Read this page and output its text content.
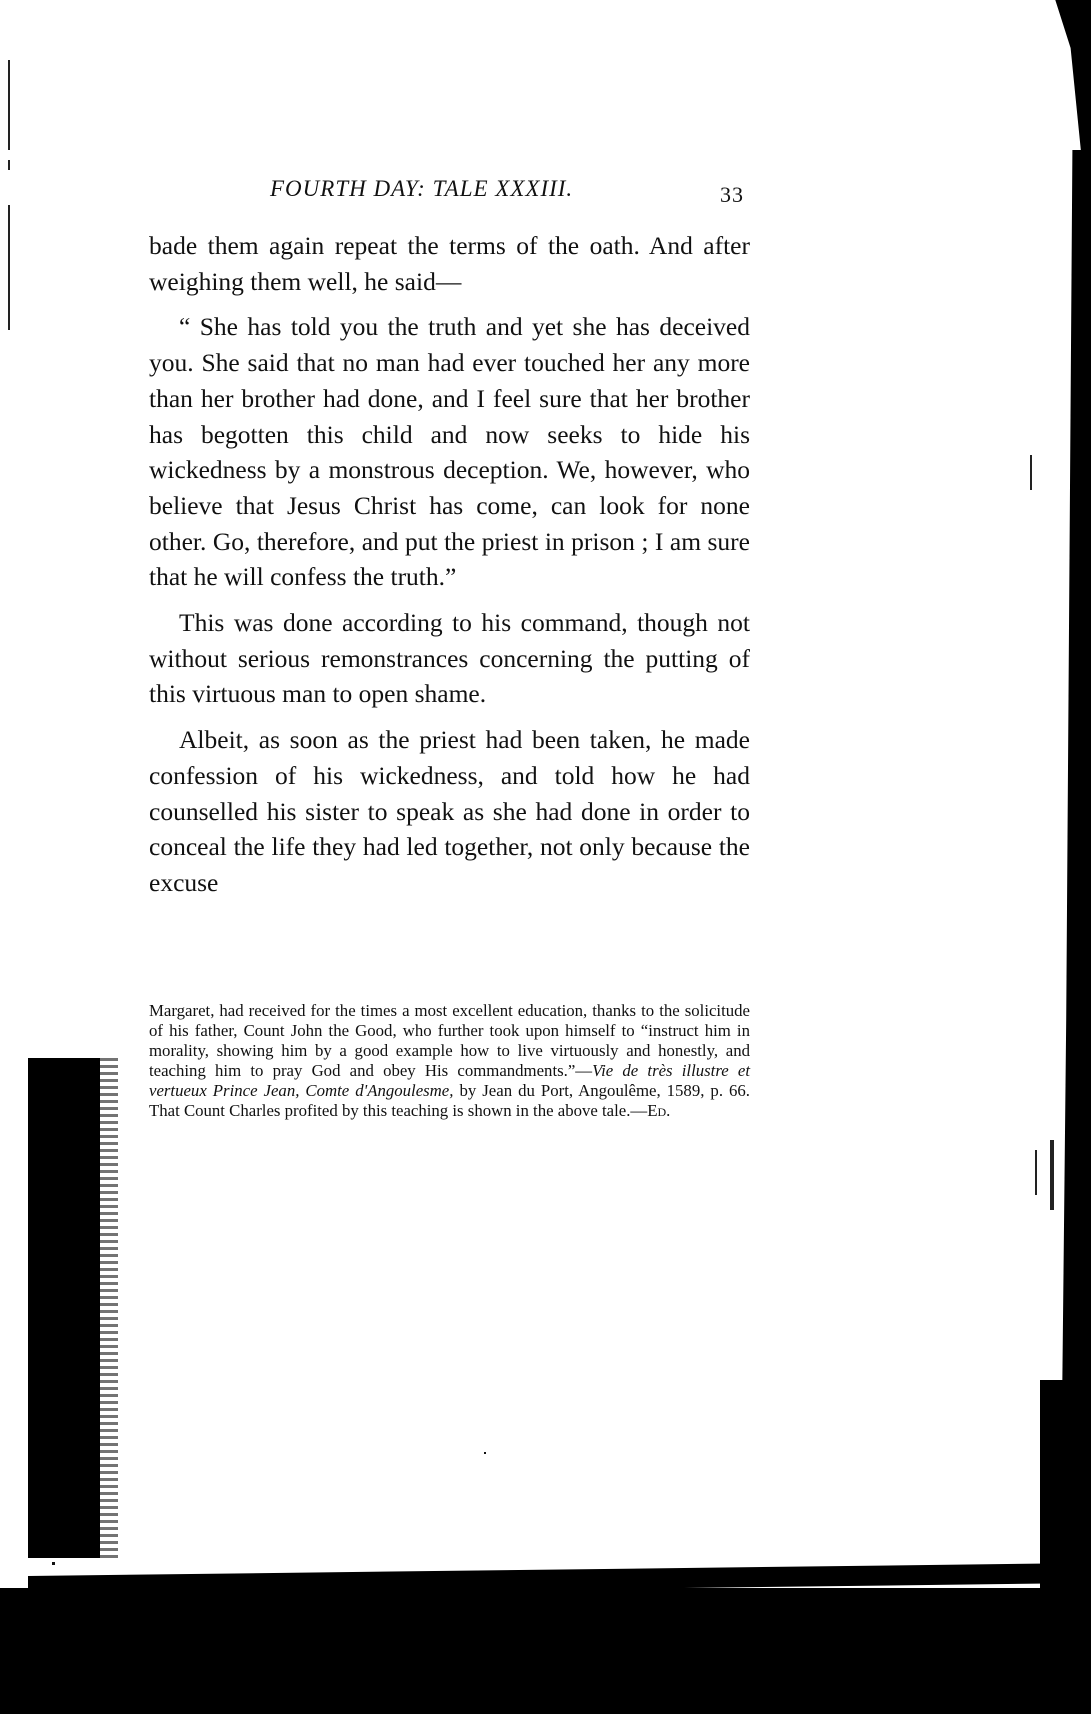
FOURTH DAY: TALE XXXIII.	33

bade them again repeat the terms of the oath. And after weighing them well, he said—

“ She has told you the truth and yet she has deceived you. She said that no man had ever touched her any more than her brother had done, and I feel sure that her brother has begotten this child and now seeks to hide his wickedness by a monstrous deception. We, however, who believe that Jesus Christ has come, can look for none other. Go, therefore, and put the priest in prison ; I am sure that he will confess the truth.”

This was done according to his command, though not without serious remonstrances concerning the putting of this virtuous man to open shame.

Albeit, as soon as the priest had been taken, he made confession of his wickedness, and told how he had counselled his sister to speak as she had done in order to conceal the life they had led together, not only because the excuse

Margaret, had received for the times a most excellent education, thanks to the solicitude of his father, Count John the Good, who further took upon himself to “instruct him in morality, showing him by a good example how to live virtuously and honestly, and teaching him to pray God and obey His commandments.”—Vie de très illustre et vertueux Prince Jean, Comte d'Angoulesme, by Jean du Port, Angoulême, 1589, p. 66. That Count Charles profited by this teaching is shown in the above tale.—Ed.
